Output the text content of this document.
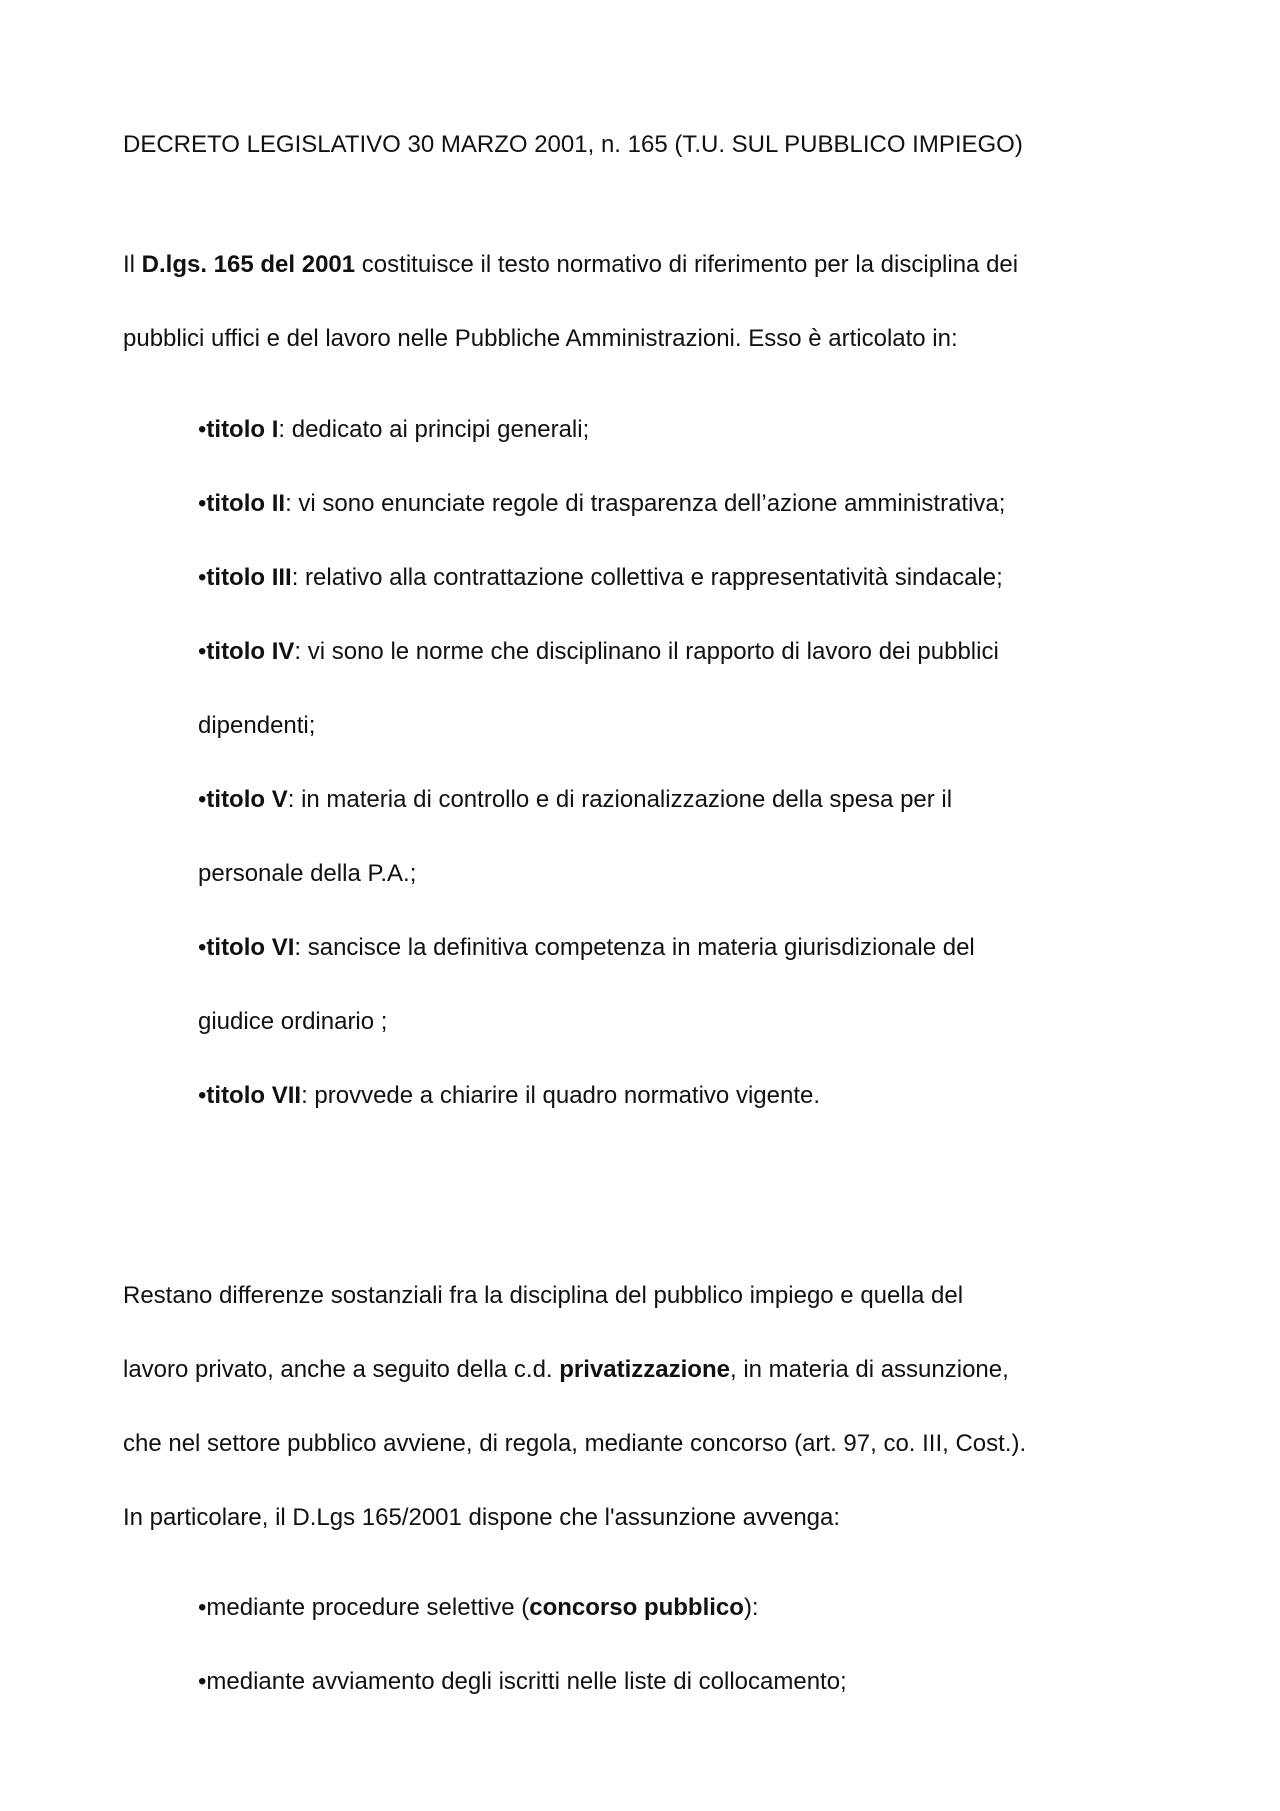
DECRETO LEGISLATIVO 30 MARZO 2001, n. 165 (T.U. SUL PUBBLICO IMPIEGO)
Il D.lgs. 165 del 2001 costituisce il testo normativo di riferimento per la disciplina dei
pubblici uffici e del lavoro nelle Pubbliche Amministrazioni. Esso è articolato in:
•titolo I: dedicato ai principi generali;
•titolo II: vi sono enunciate regole di trasparenza dell’azione amministrativa;
•titolo III: relativo alla contrattazione collettiva e rappresentatività sindacale;
•titolo IV: vi sono le norme che disciplinano il rapporto di lavoro dei pubblici
dipendenti;
•titolo V: in materia di controllo e di razionalizzazione della spesa per il
personale della P.A.;
•titolo VI: sancisce la definitiva competenza in materia giurisdizionale del
giudice ordinario ;
•titolo VII: provvede a chiarire il quadro normativo vigente.
Restano differenze sostanziali fra la disciplina del pubblico impiego e quella del
lavoro privato, anche a seguito della c.d. privatizzazione, in materia di assunzione,
che nel settore pubblico avviene, di regola, mediante concorso (art. 97, co. III, Cost.).
In particolare, il D.Lgs 165/2001 dispone che l'assunzione avvenga:
•mediante procedure selettive (concorso pubblico):
•mediante avviamento degli iscritti nelle liste di collocamento;
